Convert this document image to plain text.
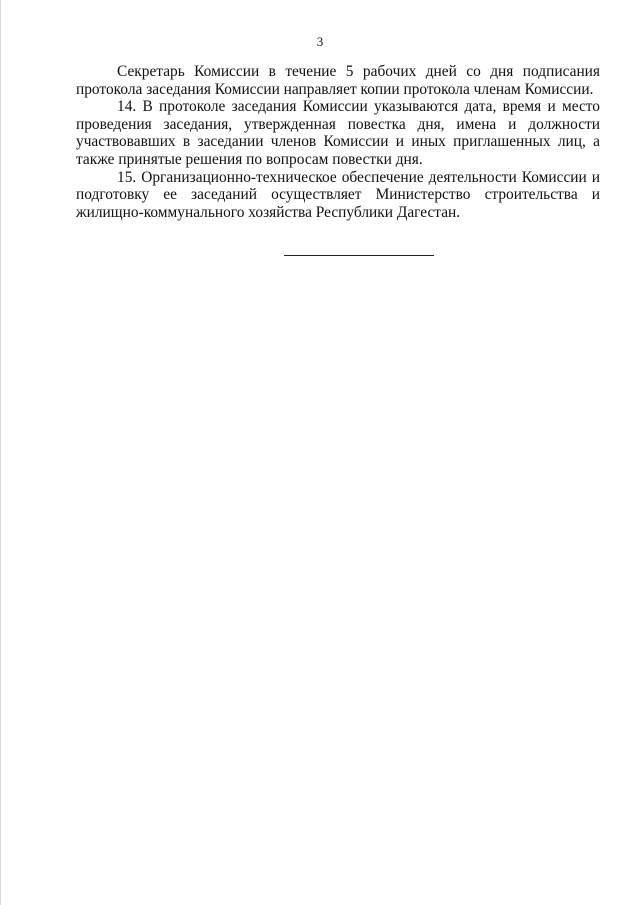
3

Секретарь Комиссии в течение 5 рабочих дней со дня подписания протокола заседания Комиссии направляет копии протокола членам Комиссии.

14. В протоколе заседания Комиссии указываются дата, время и место проведения заседания, утвержденная повестка дня, имена и должности участвовавших в заседании членов Комиссии и иных приглашенных лиц, а также принятые решения по вопросам повестки дня.

15. Организационно-техническое обеспечение деятельности Комиссии и подготовку ее заседаний осуществляет Министерство строительства и жилищно-коммунального хозяйства Республики Дагестан.
